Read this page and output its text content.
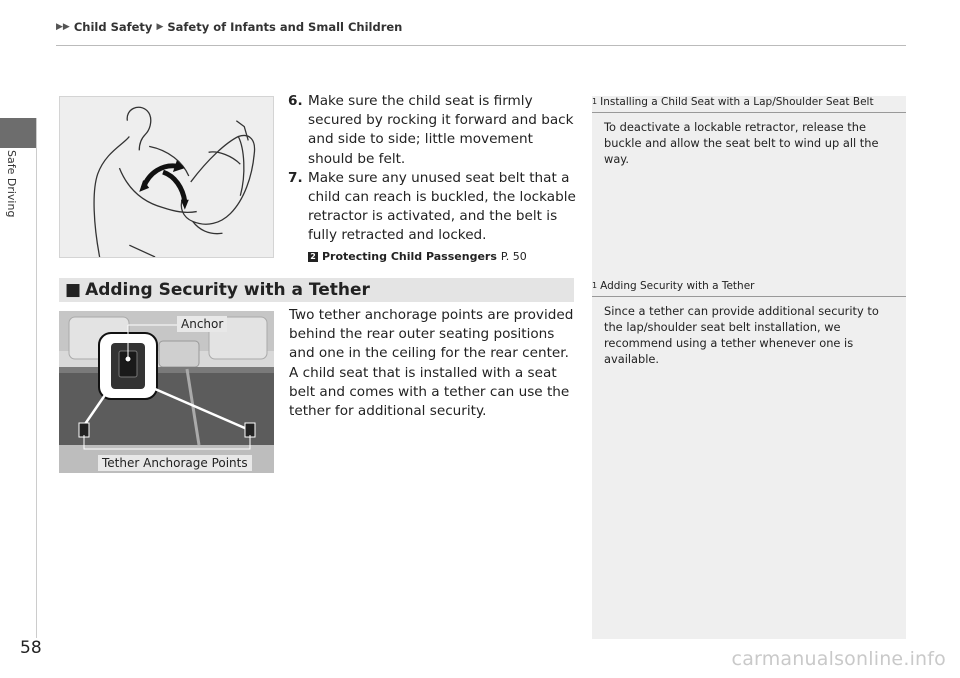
▶▶ Child Safety ▶ Safety of Infants and Small Children
Safe Driving
6. Make sure the child seat is firmly secured by rocking it forward and back and side to side; little movement should be felt.
7. Make sure any unused seat belt that a child can reach is buckled, the lockable retractor is activated, and the belt is fully retracted and locked.
2 Protecting Child Passengers P. 50
■ Adding Security with a Tether
Anchor
Tether Anchorage Points

Two tether anchorage points are provided behind the rear outer seating positions and one in the ceiling for the rear center. A child seat that is installed with a seat belt and comes with a tether can use the tether for additional security.

1 Installing a Child Seat with a Lap/Shoulder Seat Belt
To deactivate a lockable retractor, release the buckle and allow the seat belt to wind up all the way.
1 Adding Security with a Tether
Since a tether can provide additional security to the lap/shoulder seat belt installation, we recommend using a tether whenever one is available.
58	carmanualsonline.info
